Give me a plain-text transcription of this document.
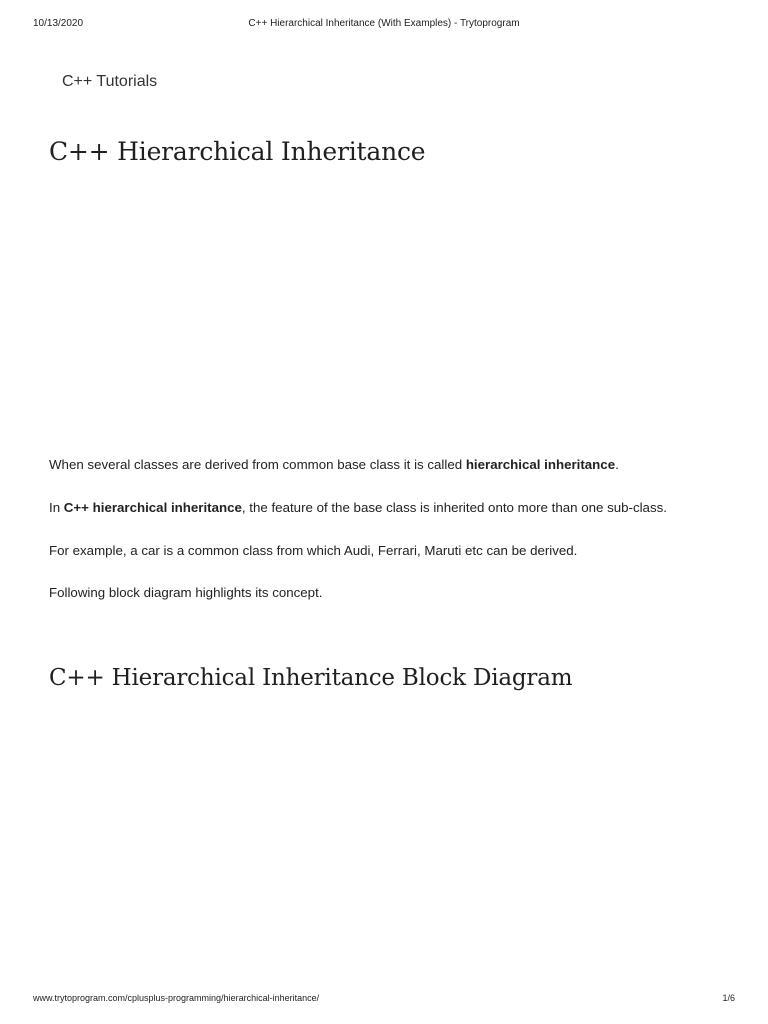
10/13/2020	C++ Hierarchical Inheritance (With Examples) - Trytoprogram
C++ Tutorials
C++ Hierarchical Inheritance

When several classes are derived from common base class it is called hierarchical inheritance.

In C++ hierarchical inheritance, the feature of the base class is inherited onto more than one sub-class.

For example, a car is a common class from which Audi, Ferrari, Maruti etc can be derived.

Following block diagram highlights its concept.

C++ Hierarchical Inheritance Block Diagram
www.trytoprogram.com/cplusplus-programming/hierarchical-inheritance/	1/6
